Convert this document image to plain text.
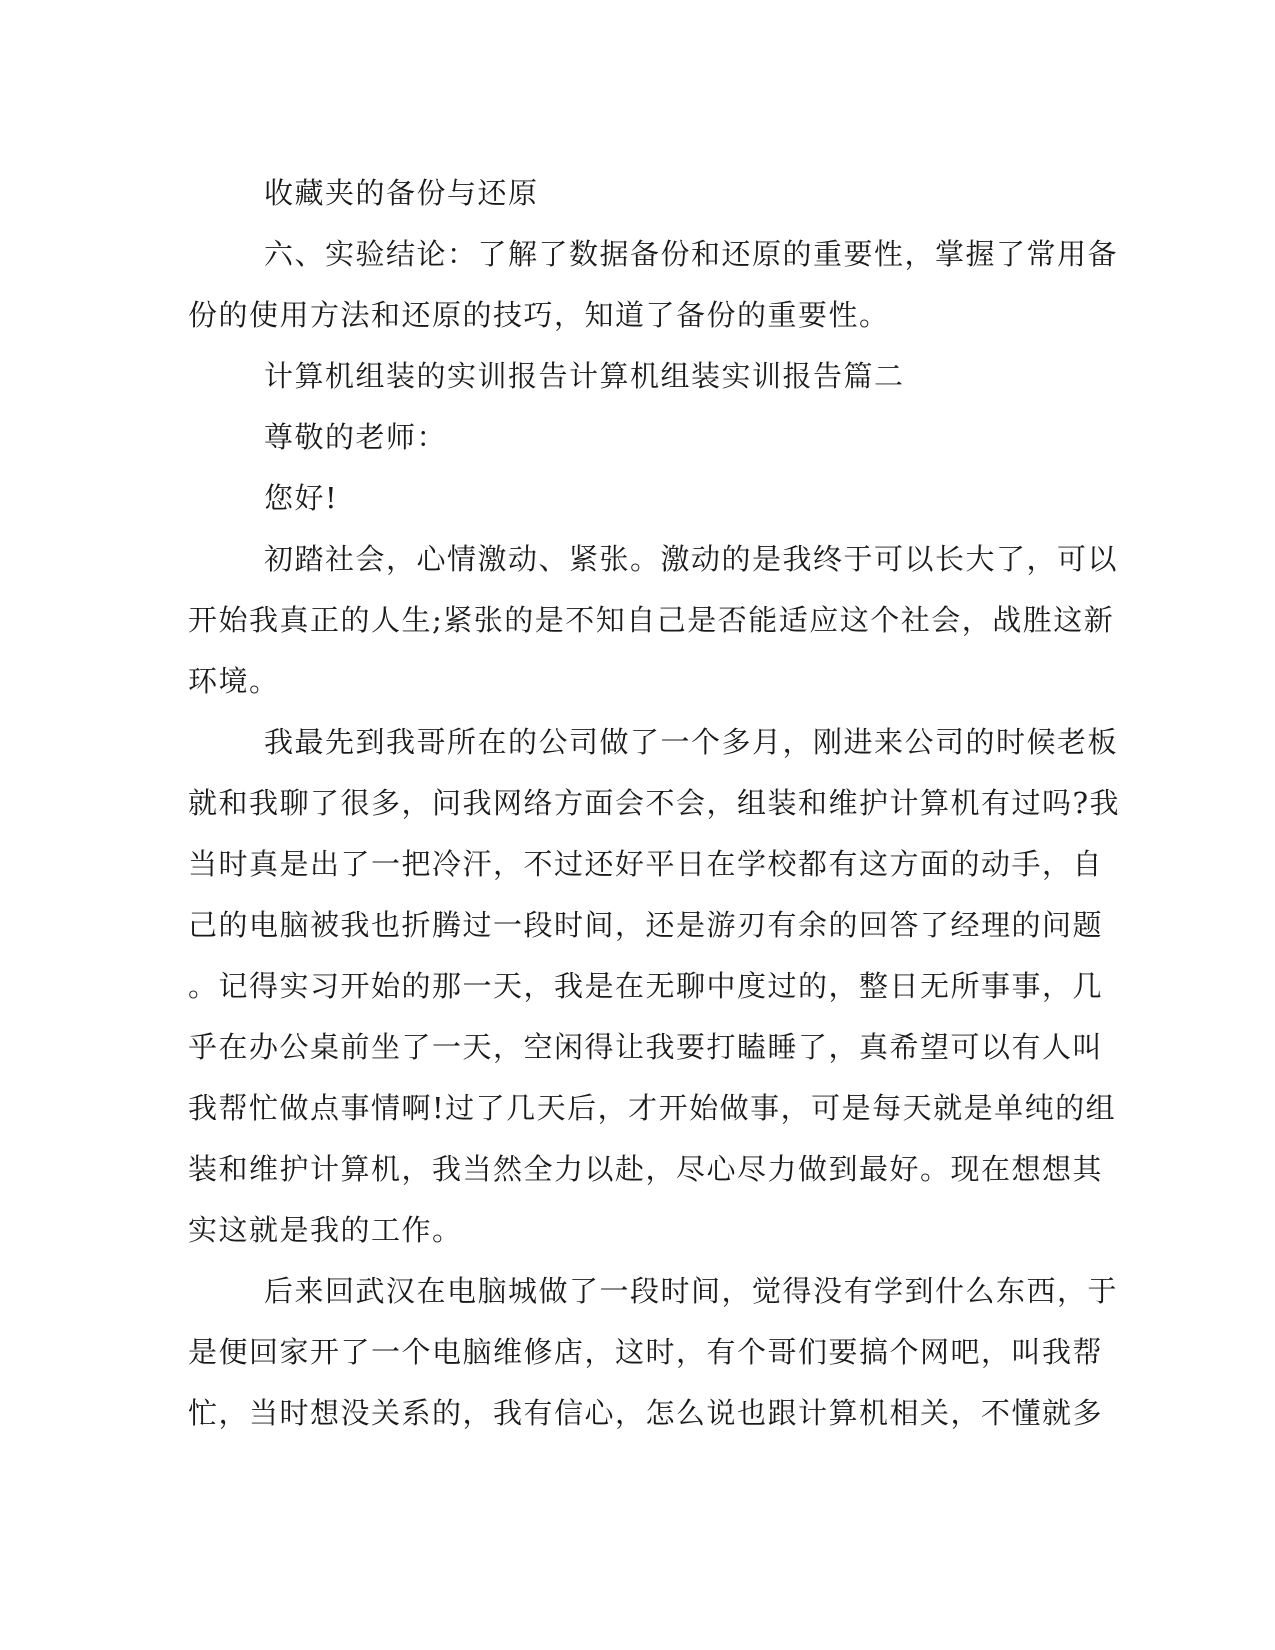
收藏夹的备份与还原

六、实验结论：了解了数据备份和还原的重要性，掌握了常用备
份的使用方法和还原的技巧，知道了备份的重要性。

计算机组装的实训报告计算机组装实训报告篇二

尊敬的老师：

您好!

初踏社会，心情激动、紧张。激动的是我终于可以长大了，可以
开始我真正的人生;紧张的是不知自己是否能适应这个社会，战胜这新
环境。

我最先到我哥所在的公司做了一个多月，刚进来公司的时候老板
就和我聊了很多，问我网络方面会不会，组装和维护计算机有过吗?我
当时真是出了一把冷汗，不过还好平日在学校都有这方面的动手，自
己的电脑被我也折腾过一段时间，还是游刃有余的回答了经理的问题
。记得实习开始的那一天，我是在无聊中度过的，整日无所事事，几
乎在办公桌前坐了一天，空闲得让我要打瞌睡了，真希望可以有人叫
我帮忙做点事情啊!过了几天后，才开始做事，可是每天就是单纯的组
装和维护计算机，我当然全力以赴，尽心尽力做到最好。现在想想其
实这就是我的工作。

后来回武汉在电脑城做了一段时间，觉得没有学到什么东西，于
是便回家开了一个电脑维修店，这时，有个哥们要搞个网吧，叫我帮
忙，当时想没关系的，我有信心，怎么说也跟计算机相关，不懂就多
